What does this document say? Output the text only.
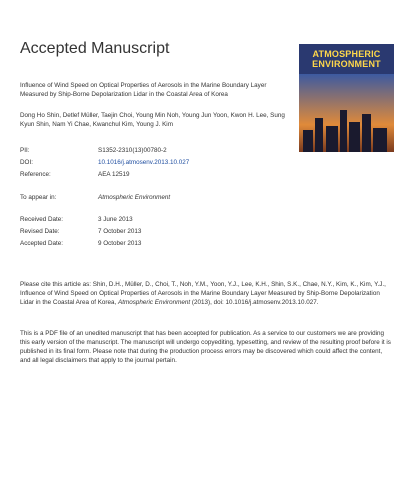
Accepted Manuscript
Influence of Wind Speed on Optical Properties of Aerosols in the Marine Boundary Layer Measured by Ship-Borne Depolarization Lidar in the Coastal Area of Korea
Dong Ho Shin, Detlef Müller, Taejin Choi, Young Min Noh, Young Jun Yoon, Kwon H. Lee, Sung Kyun Shin, Nam Yi Chae, Kwanchul Kim, Young J. Kim
ATMOSPHERIC
ENVIRONMENT
PII:	S1352-2310(13)00780-2
DOI:	10.1016/j.atmosenv.2013.10.027
Reference:	AEA 12519
To appear in:	Atmospheric Environment
Received Date:	3 June 2013
Revised Date:	7 October 2013
Accepted Date:	9 October 2013
Please cite this article as: Shin, D.H., Müller, D., Choi, T., Noh, Y.M., Yoon, Y.J., Lee, K.H., Shin, S.K., Chae, N.Y., Kim, K., Kim, Y.J., Influence of Wind Speed on Optical Properties of Aerosols in the Marine Boundary Layer Measured by Ship-Borne Depolarization Lidar in the Coastal Area of Korea, Atmospheric Environment (2013), doi: 10.1016/j.atmosenv.2013.10.027.
This is a PDF file of an unedited manuscript that has been accepted for publication. As a service to our customers we are providing this early version of the manuscript. The manuscript will undergo copyediting, typesetting, and review of the resulting proof before it is published in its final form. Please note that during the production process errors may be discovered which could affect the content, and all legal disclaimers that apply to the journal pertain.
